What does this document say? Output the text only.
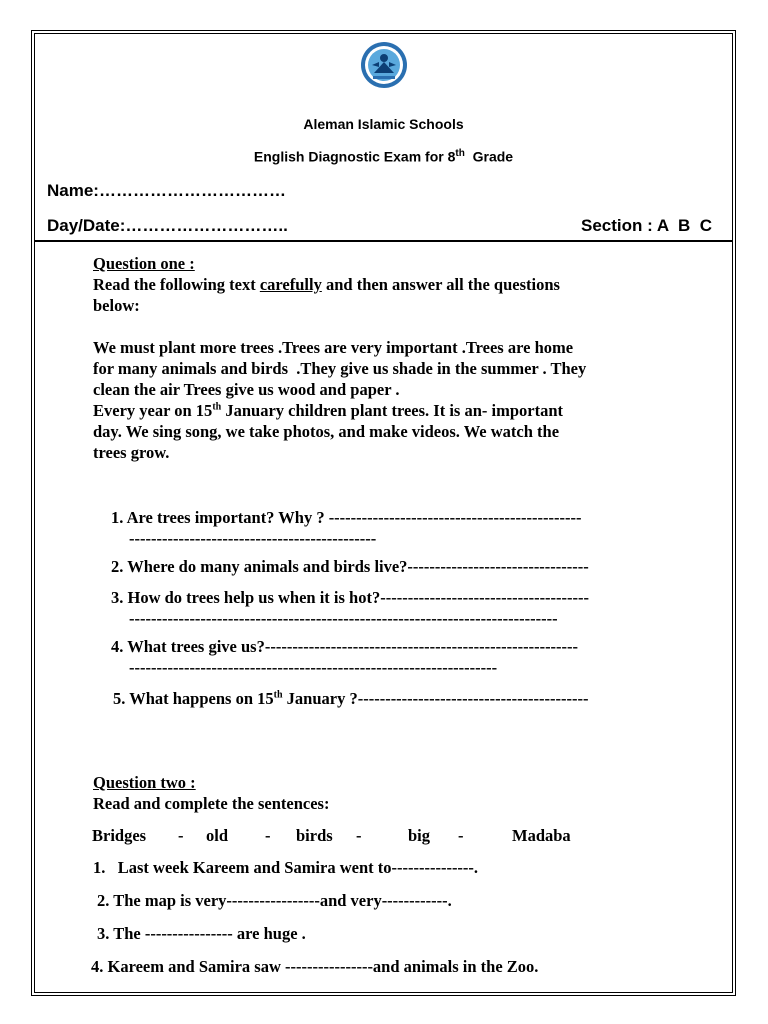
Aleman Islamic Schools
English Diagnostic Exam for 8th  Grade
Name:……………………………
Day/Date:………………………..	Section : A  B  C
Question one :
Read the following text carefully and then answer all the questions
below:
We must plant more trees .Trees are very important .Trees are home
for many animals and birds  .They give us shade in the summer . They
clean the air Trees give us wood and paper .
Every year on 15th January children plant trees. It is an- important
day. We sing song, we take photos, and make videos. We watch the
trees grow.
1. Are trees important? Why ? ----------------------------------------------
---------------------------------------------
2. Where do many animals and birds live?---------------------------------
3. How do trees help us when it is hot?--------------------------------------
------------------------------------------------------------------------------
4. What trees give us?---------------------------------------------------------
-------------------------------------------------------------------
5. What happens on 15th January ?------------------------------------------
Question two :
Read and complete the sentences:
Bridges - old - birds -	big -	Madaba
1.   Last week Kareem and Samira went to---------------.
2. The map is very-----------------and very------------.
3. The ---------------- are huge .
4. Kareem and Samira saw ----------------and animals in the Zoo.
